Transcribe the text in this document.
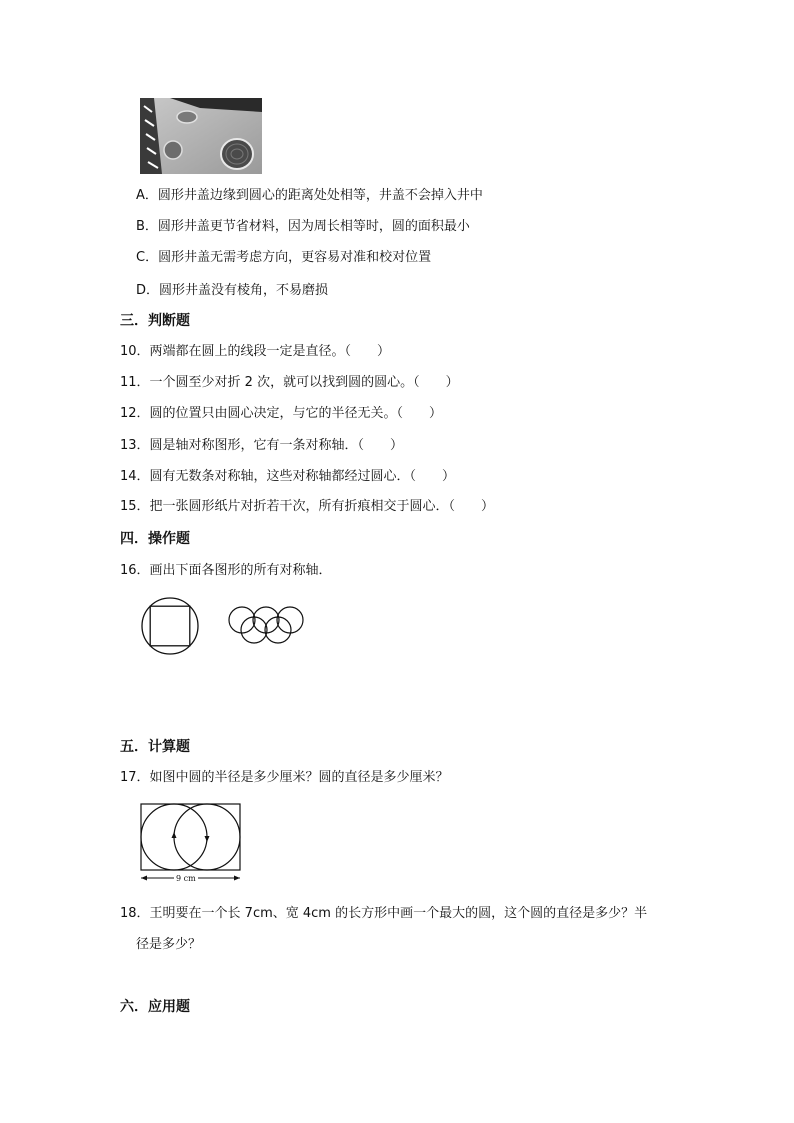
A．圆形井盖边缘到圆心的距离处处相等，井盖不会掉入井中
B．圆形井盖更节省材料，因为周长相等时，圆的面积最小
C．圆形井盖无需考虑方向，更容易对准和校对位置
D．圆形井盖没有棱角，不易磨损
三．判断题
10．两端都在圆上的线段一定是直径。（　　）
11．一个圆至少对折 2 次，就可以找到圆的圆心。（　　）
12．圆的位置只由圆心决定，与它的半径无关。（　　）
13．圆是轴对称图形，它有一条对称轴．（　　）
14．圆有无数条对称轴，这些对称轴都经过圆心．（　　）
15．把一张圆形纸片对折若干次，所有折痕相交于圆心．（　　）
四．操作题
16．画出下面各图形的所有对称轴．
五．计算题
17．如图中圆的半径是多少厘米？圆的直径是多少厘米？
9 cm
18．王明要在一个长 7cm、宽 4cm 的长方形中画一个最大的圆，这个圆的直径是多少？半
径是多少？
六．应用题
